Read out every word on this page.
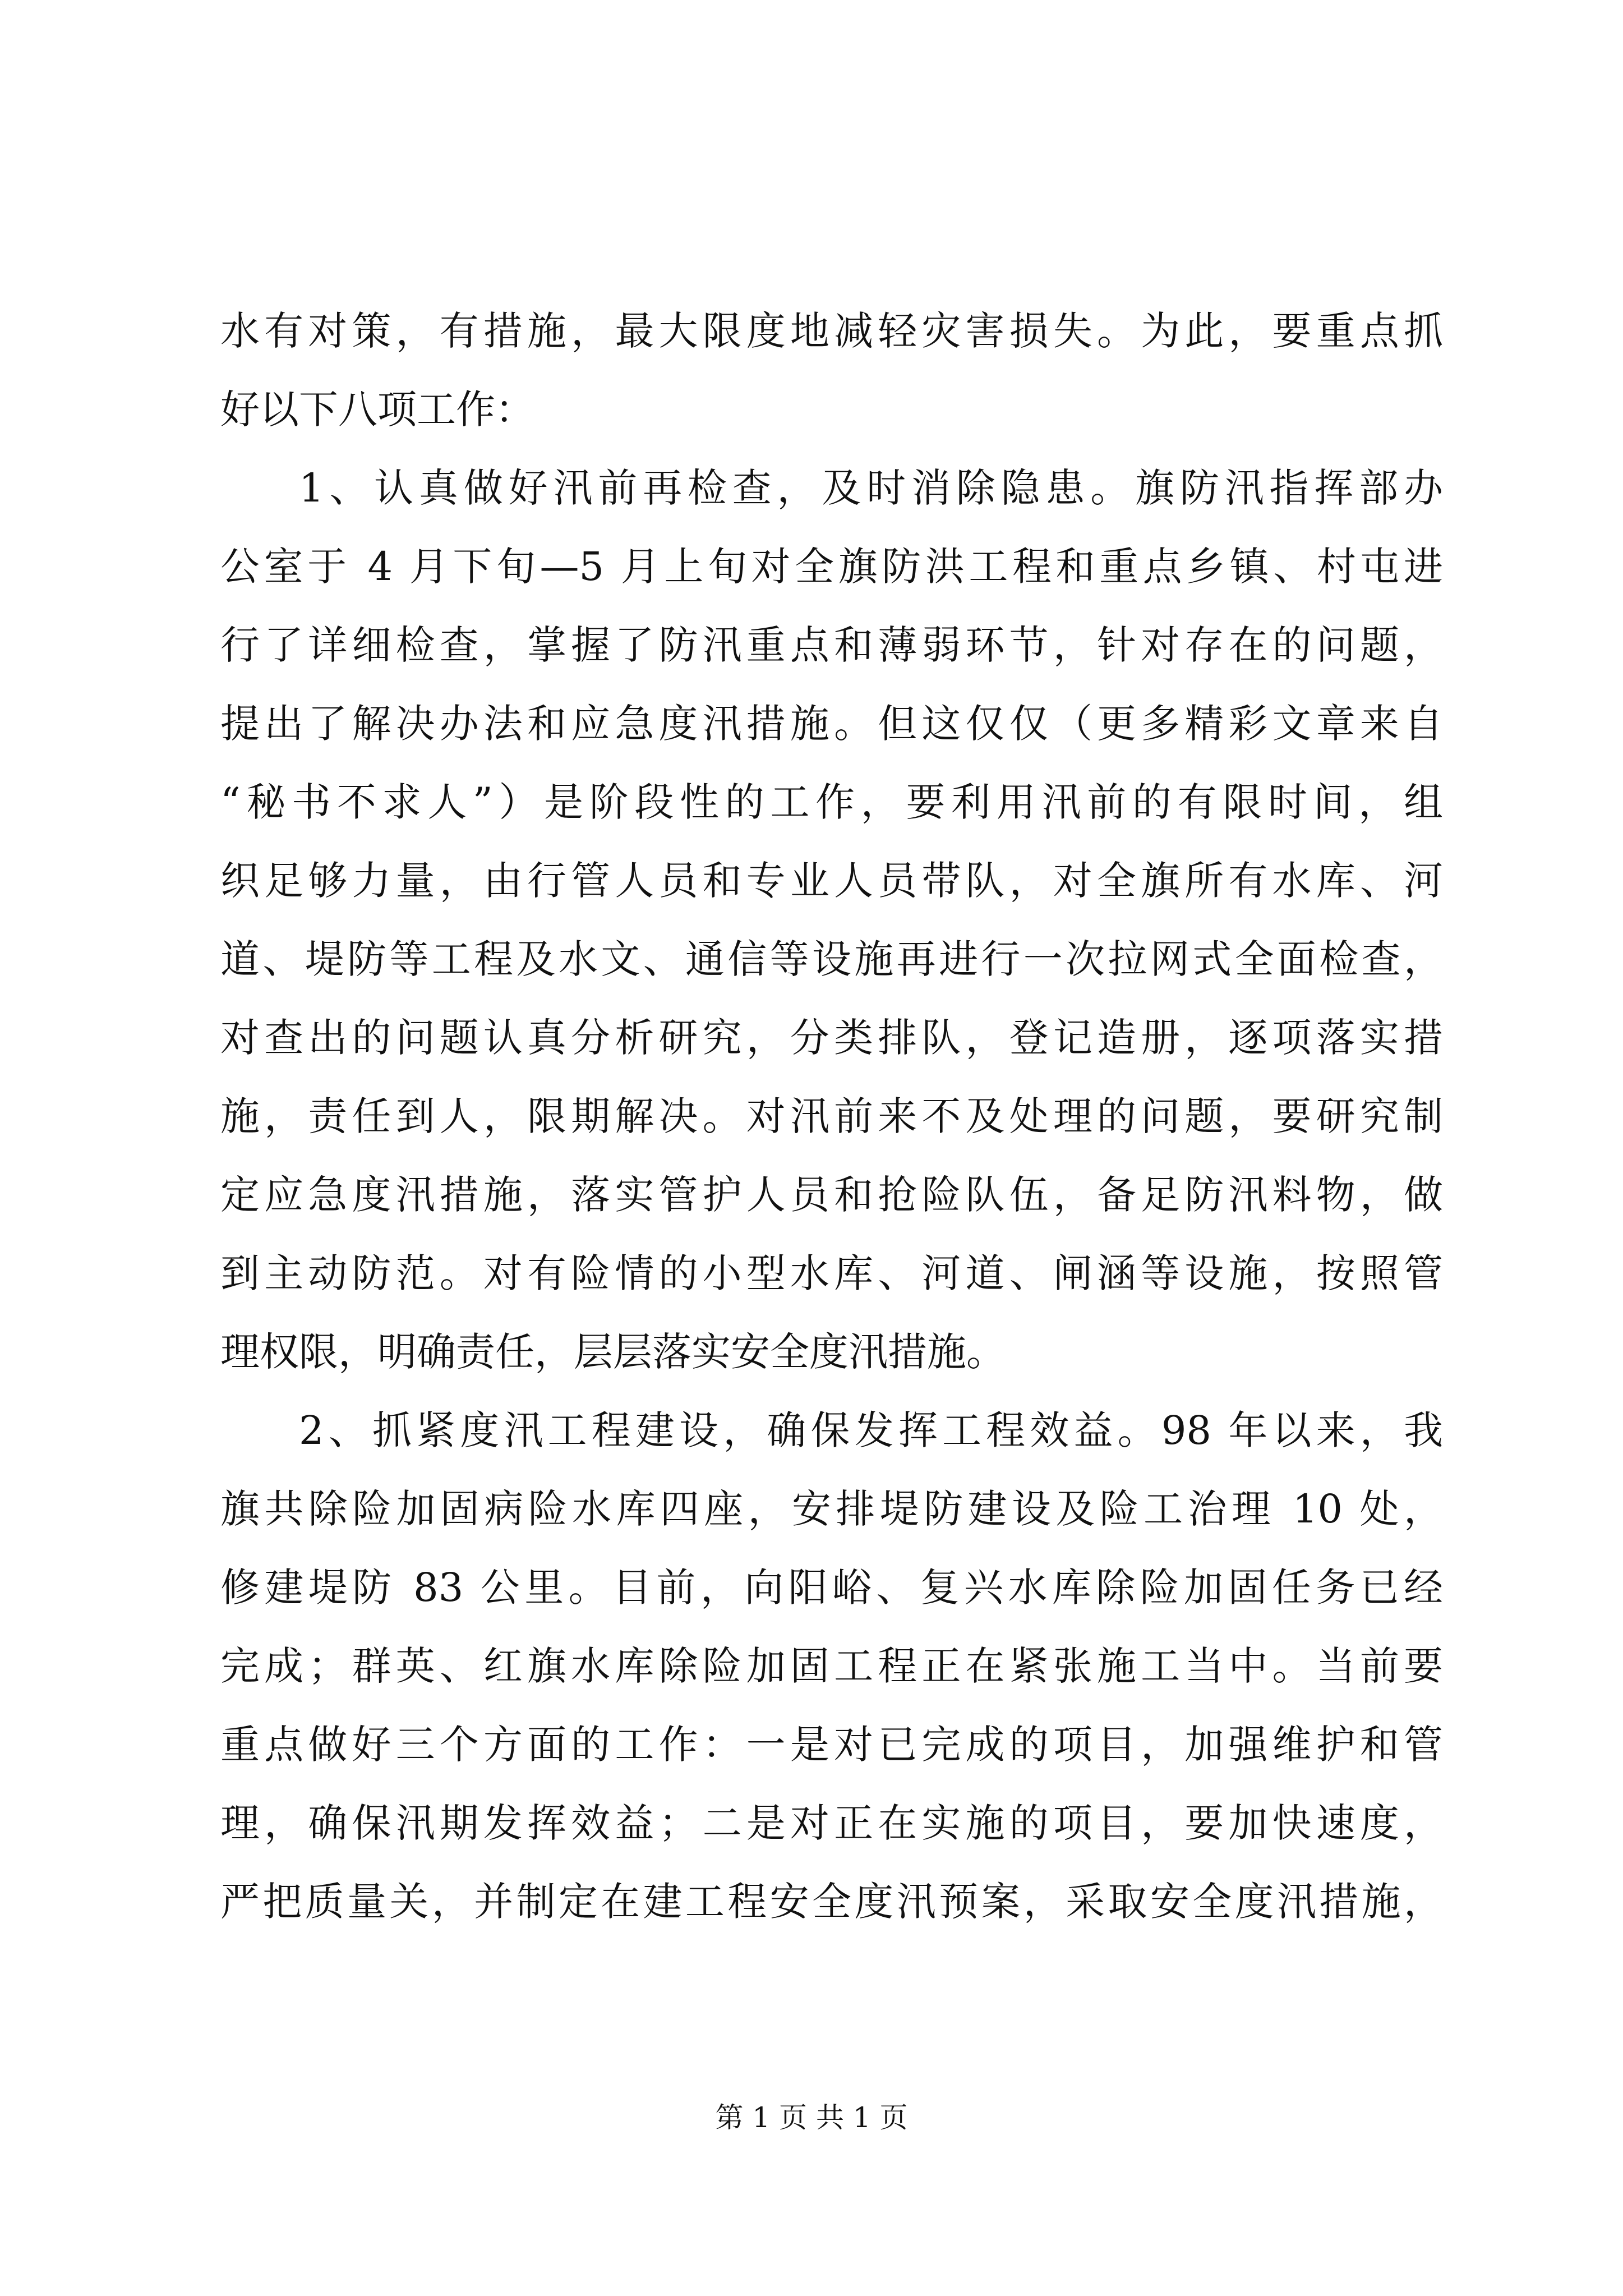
水有对策，有措施，最大限度地减轻灾害损失。为此，要重点抓
好以下八项工作：
1、认真做好汛前再检查，及时消除隐患。旗防汛指挥部办
公室于 4 月下旬—5 月上旬对全旗防洪工程和重点乡镇、村屯进
行了详细检查，掌握了防汛重点和薄弱环节，针对存在的问题，
提出了解决办法和应急度汛措施。但这仅仅（更多精彩文章来自
“秘书不求人”）是阶段性的工作，要利用汛前的有限时间，组
织足够力量，由行管人员和专业人员带队，对全旗所有水库、河
道、堤防等工程及水文、通信等设施再进行一次拉网式全面检查，
对查出的问题认真分析研究，分类排队，登记造册，逐项落实措
施，责任到人，限期解决。对汛前来不及处理的问题，要研究制
定应急度汛措施，落实管护人员和抢险队伍，备足防汛料物，做
到主动防范。对有险情的小型水库、河道、闸涵等设施，按照管
理权限，明确责任，层层落实安全度汛措施。
2、抓紧度汛工程建设，确保发挥工程效益。98 年以来，我
旗共除险加固病险水库四座，安排堤防建设及险工治理 10 处，
修建堤防 83 公里。目前，向阳峪、复兴水库除险加固任务已经
完成；群英、红旗水库除险加固工程正在紧张施工当中。当前要
重点做好三个方面的工作：一是对已完成的项目，加强维护和管
理，确保汛期发挥效益；二是对正在实施的项目，要加快速度，
严把质量关，并制定在建工程安全度汛预案，采取安全度汛措施，
第 1 页 共 1 页
